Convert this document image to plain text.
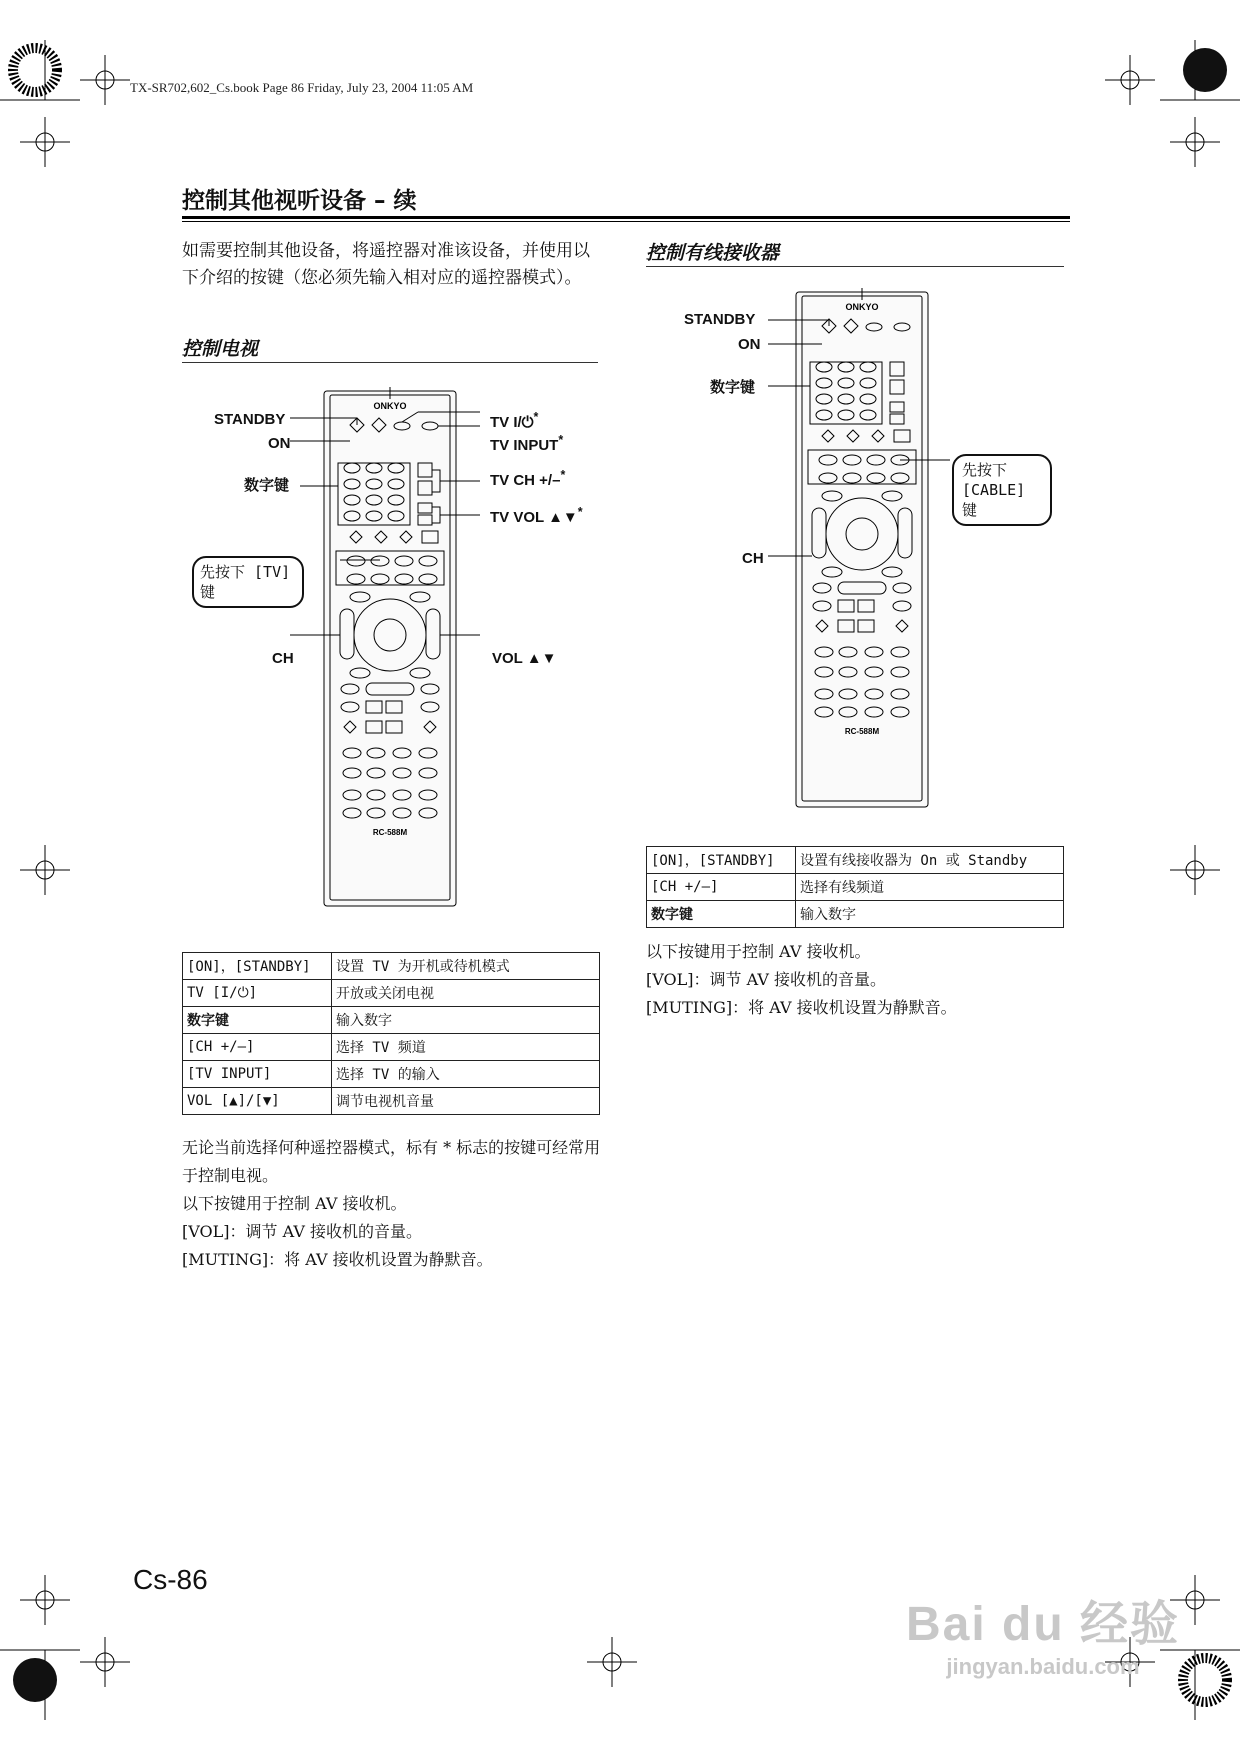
TX-SR702,602_Cs.book Page 86 Friday, July 23, 2004 11:05 AM
控制其他视听设备 – 续
如需要控制其他设备，将遥控器对准该设备，并使用以下介绍的按键（您必须先输入相对应的遥控器模式）。
控制电视
ONKYO
RC-588M
STANDBY
ON
数字键
TV I/⏻*
TV INPUT*
TV CH +/–*
TV VOL ▲▼*
CH	VOL ▲▼
先按下 [TV] 键
[ON]，[STANDBY]	设置 TV 为开机或待机模式
TV [I/⏻]	开放或关闭电视
数字键	输入数字
[CH +/–]	选择 TV 频道
[TV INPUT]	选择 TV 的输入
VOL [▲]/[▼]	调节电视机音量
无论当前选择何种遥控器模式，标有 * 标志的按键可经常用于控制电视。
以下按键用于控制 AV 接收机。
[VOL]：调节 AV 接收机的音量。
[MUTING]：将 AV 接收机设置为静默音。
控制有线接收器
ONKYO
RC-588M
STANDBY
ON
数字键
CH
先按下 [CABLE] 键
[ON]，[STANDBY]	设置有线接收器为 On 或 Standby
[CH +/–]	选择有线频道
数字键	输入数字
以下按键用于控制 AV 接收机。
[VOL]：调节 AV 接收机的音量。
[MUTING]：将 AV 接收机设置为静默音。
Cs-86
Bai du 经验
jingyan.baidu.com
